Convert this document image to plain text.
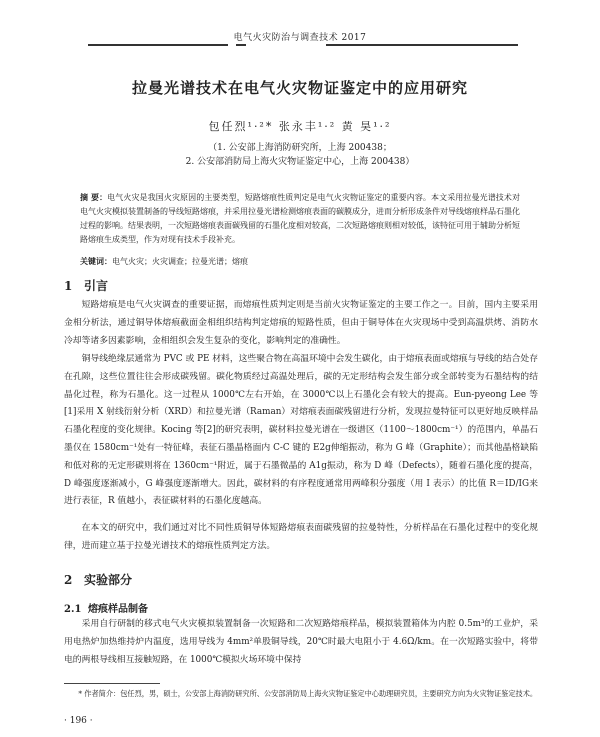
电气火灾防治与调查技术 2017
拉曼光谱技术在电气火灾物证鉴定中的应用研究
包任烈¹·²* 张永丰¹·² 黄 昊¹·²
（1. 公安部上海消防研究所，上海 200438；
2. 公安部消防局上海火灾物证鉴定中心，上海 200438）
摘 要：电气火灾是我国火灾原因的主要类型，短路熔痕性质判定是电气火灾物证鉴定的重要内容。本文采用拉曼光谱技术对电气火灾模拟装置制备的导线短路熔痕，并采用拉曼光谱检测熔痕表面的碳膜成分，进而分析形成条件对导线熔痕样品石墨化过程的影响。结果表明，一次短路熔痕表面碳残留的石墨化度相对较高，二次短路熔痕则相对较低，该特征可用于辅助分析短路熔痕生成类型，作为对现有技术手段补充。
关键词：电气火灾；火灾调查；拉曼光谱；熔痕
1 引言
短路熔痕是电气火灾调查的重要证据，而熔痕性质判定则是当前火灾物证鉴定的主要工作之一。目前，国内主要采用金相分析法，通过铜导体熔痕截面金相组织结构判定熔痕的短路性质，但由于铜导体在火灾现场中受到高温烘烤、消防水冷却等诸多因素影响，金相组织会发生复杂的变化，影响判定的准确性。
铜导线绝缘层通常为 PVC 或 PE 材料，这些聚合物在高温环境中会发生碳化，由于熔痕表面或熔痕与导线的结合处存在孔隙，这些位置往往会形成碳残留。碳化物质经过高温处理后，碳的无定形结构会发生部分或全部转变为石墨结构的结晶化过程，称为石墨化。这一过程从 1000℃左右开始，在 3000℃以上石墨化会有较大的提高。Eun-pyeong Lee 等[1]采用 X 射线衍射分析（XRD）和拉曼光谱（Raman）对熔痕表面碳残留进行分析，发现拉曼特征可以更好地反映样品石墨化程度的变化规律。Kocing 等[2]的研究表明，碳材料拉曼光谱在一级谱区（1100～1800cm⁻¹）的范围内，单晶石墨仅在 1580cm⁻¹处有一特征峰，表征石墨晶格面内 C-C 键的 E2g伸缩振动，称为 G 峰（Graphite）；而其他晶格缺陷和低对称的无定形碳则将在 1360cm⁻¹附近，属于石墨微晶的 A1g振动，称为 D 峰（Defects），随着石墨化度的提高，D 峰强度逐渐减小，G 峰强度逐渐增大。因此，碳材料的有序程度通常用两峰积分强度（用 I 表示）的比值 R＝ID/IG来进行表征，R 值越小，表征碳材料的石墨化度越高。
在本文的研究中，我们通过对比不同性质铜导体短路熔痕表面碳残留的拉曼特性，分析样品在石墨化过程中的变化规律，进而建立基于拉曼光谱技术的熔痕性质判定方法。
2 实验部分
2.1 熔痕样品制备
采用自行研制的移式电气火灾模拟装置制备一次短路和二次短路熔痕样品，模拟装置箱体为内腔 0.5m³的工业炉，采用电热炉加热维持炉内温度，选用导线为 4mm²单股铜导线，20℃时最大电阻小于 4.6Ω/km。在一次短路实验中，将带电的两根导线相互接触短路，在 1000℃模拟火场环境中保持
* 作者简介：包任烈，男，硕士，公安部上海消防研究所、公安部消防局上海火灾物证鉴定中心助理研究员，主要研究方向为火灾物证鉴定技术。
· 196 ·
